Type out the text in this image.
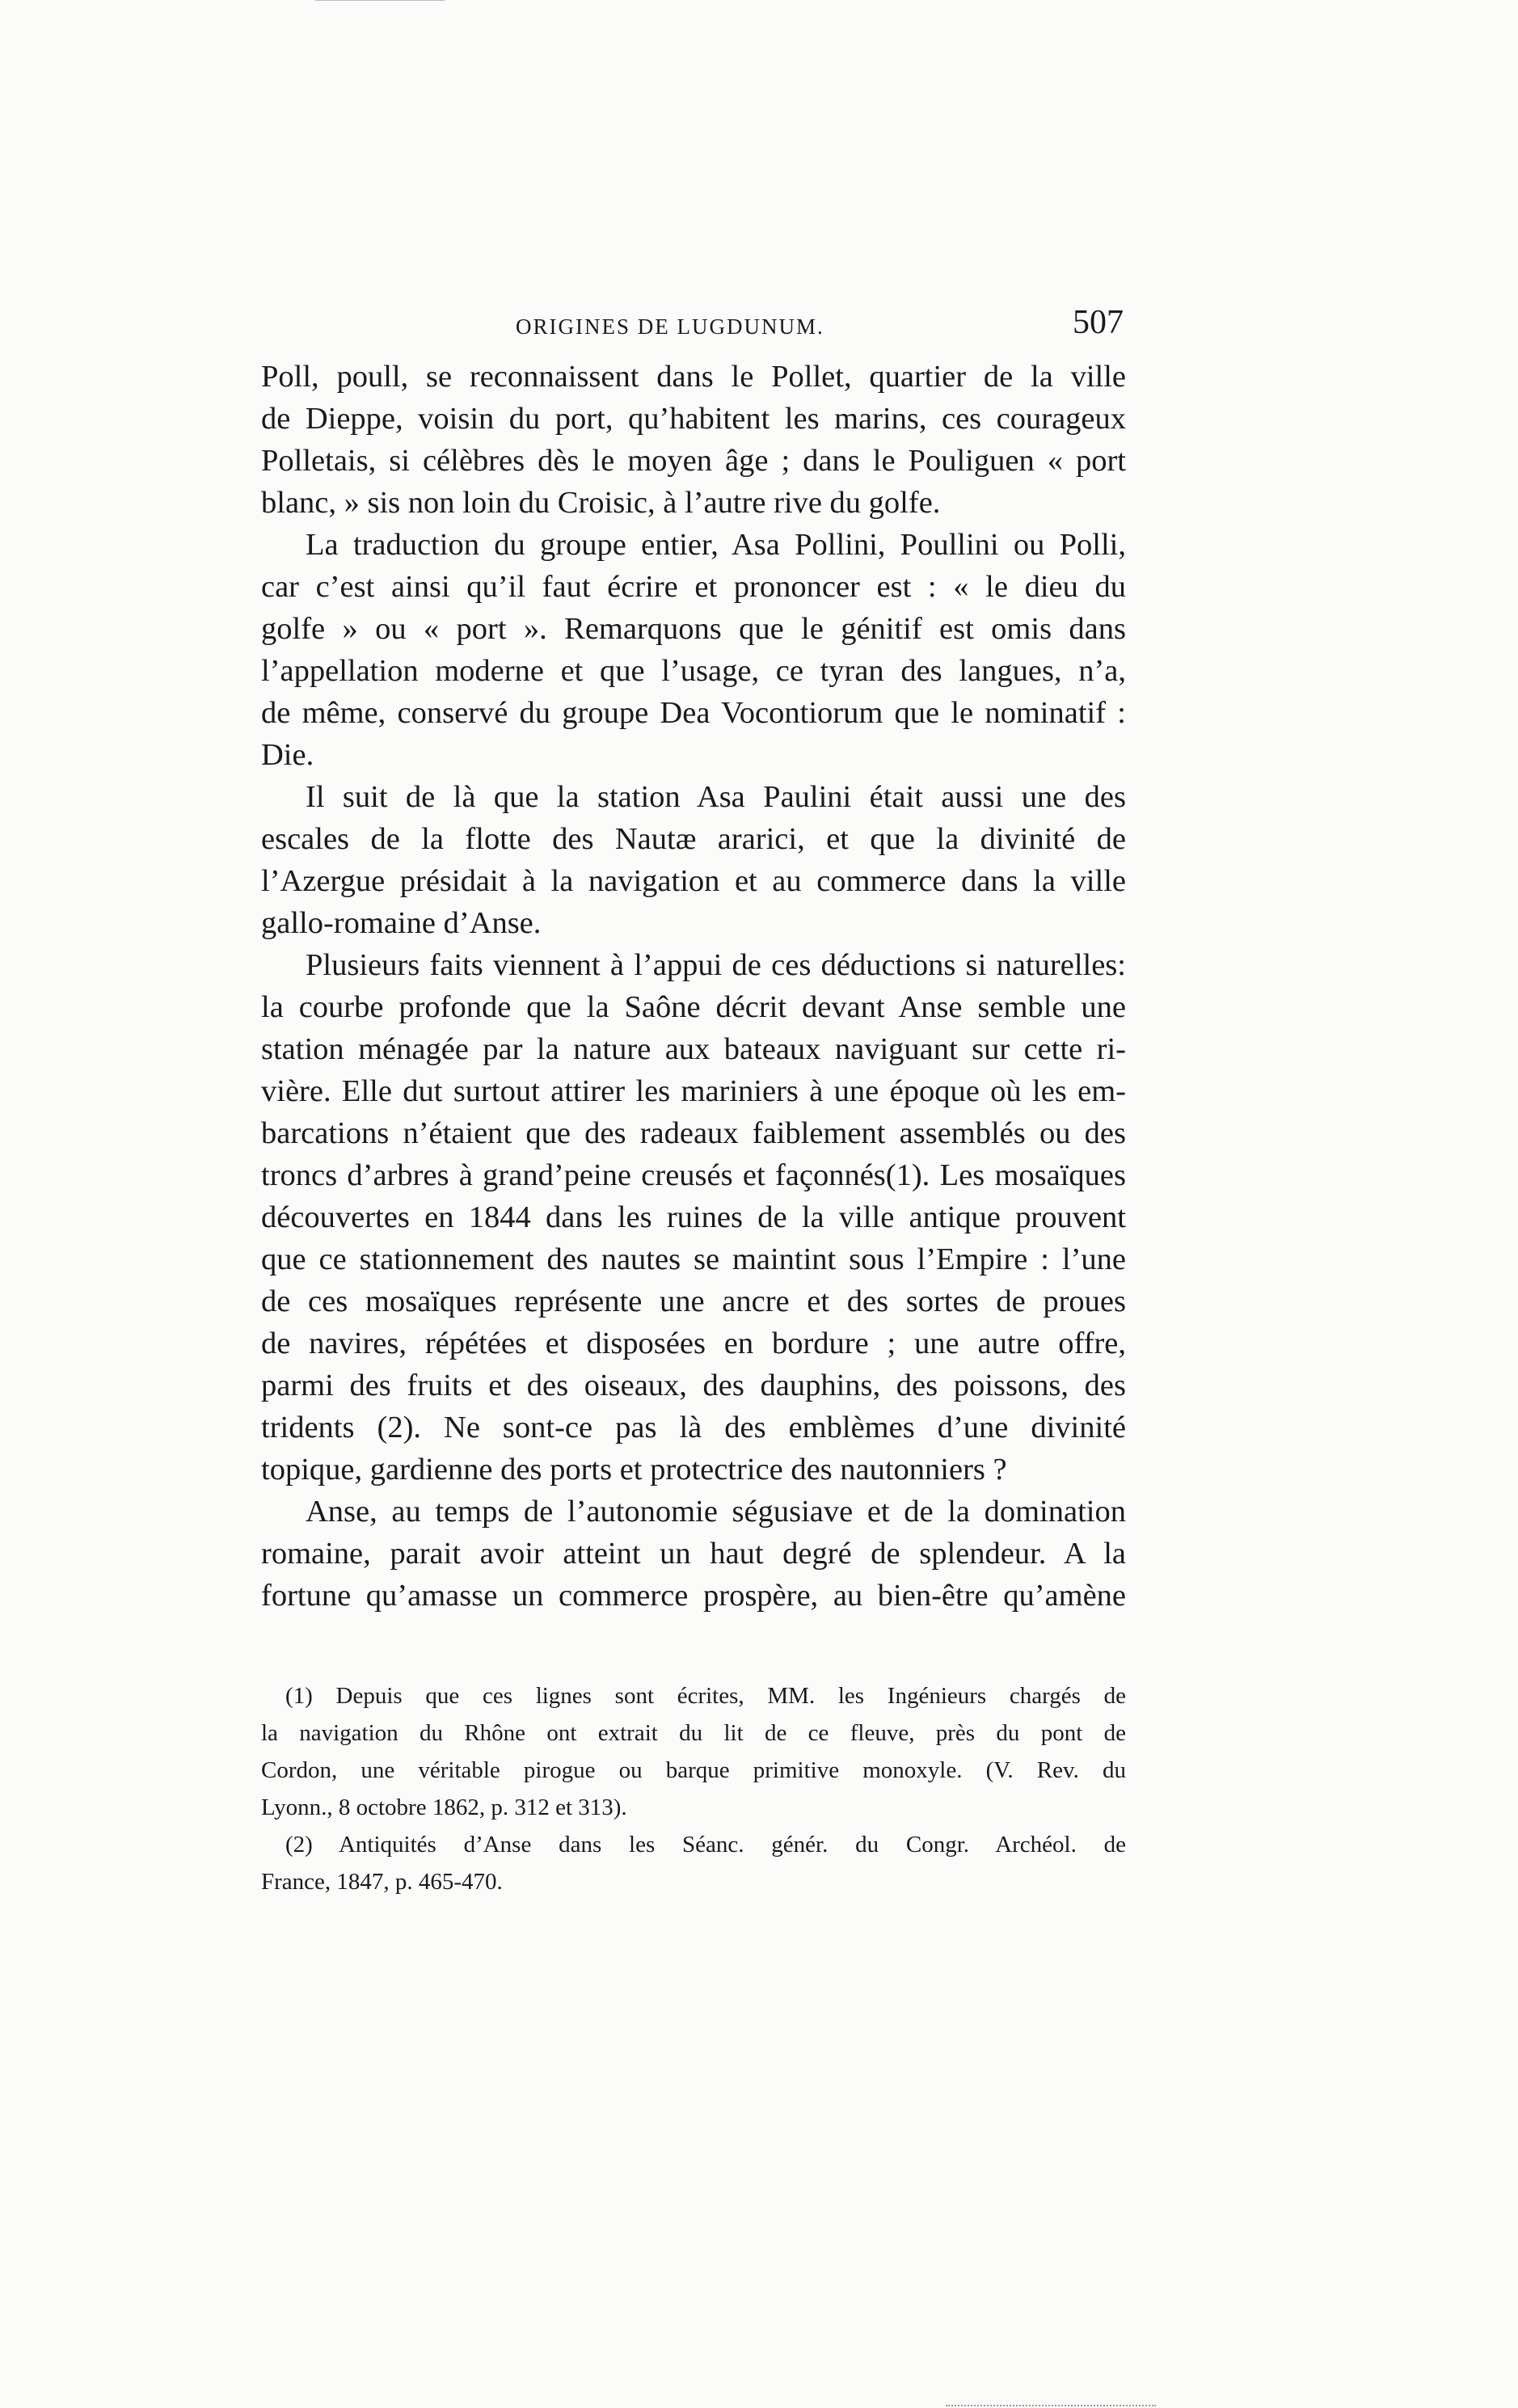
ORIGINES DE LUGDUNUM.	507
Poll, poull, se reconnaissent dans le Pollet, quartier de la ville
de Dieppe, voisin du port, qu’habitent les marins, ces courageux
Polletais, si célèbres dès le moyen âge ; dans le Pouliguen « port
blanc, » sis non loin du Croisic, à l’autre rive du golfe.
La traduction du groupe entier, Asa Pollini, Poullini ou Polli,
car c’est ainsi qu’il faut écrire et prononcer est : « le dieu du
golfe » ou « port ». Remarquons que le génitif est omis dans
l’appellation moderne et que l’usage, ce tyran des langues, n’a,
de même, conservé du groupe Dea Vocontiorum que le nominatif :
Die.
Il suit de là que la station Asa Paulini était aussi une des
escales de la flotte des Nautæ ararici, et que la divinité de
l’Azergue présidait à la navigation et au commerce dans la ville
gallo-romaine d’Anse.
Plusieurs faits viennent à l’appui de ces déductions si naturelles:
la courbe profonde que la Saône décrit devant Anse semble une
station ménagée par la nature aux bateaux naviguant sur cette ri-
vière. Elle dut surtout attirer les mariniers à une époque où les em-
barcations n’étaient que des radeaux faiblement assemblés ou des
troncs d’arbres à grand’peine creusés et façonnés(1). Les mosaïques
découvertes en 1844 dans les ruines de la ville antique prouvent
que ce stationnement des nautes se maintint sous l’Empire : l’une
de ces mosaïques représente une ancre et des sortes de proues
de navires, répétées et disposées en bordure ; une autre offre,
parmi des fruits et des oiseaux, des dauphins, des poissons, des
tridents (2). Ne sont-ce pas là des emblèmes d’une divinité
topique, gardienne des ports et protectrice des nautonniers ?
Anse, au temps de l’autonomie ségusiave et de la domination
romaine, parait avoir atteint un haut degré de splendeur. A la
fortune qu’amasse un commerce prospère, au bien-être qu’amène
(1) Depuis que ces lignes sont écrites, MM. les Ingénieurs chargés de
la navigation du Rhône ont extrait du lit de ce fleuve, près du pont de
Cordon, une véritable pirogue ou barque primitive monoxyle. (V. Rev. du
Lyonn., 8 octobre 1862, p. 312 et 313).
(2) Antiquités d’Anse dans les Séanc. génér. du Congr. Archéol. de
France, 1847, p. 465-470.
